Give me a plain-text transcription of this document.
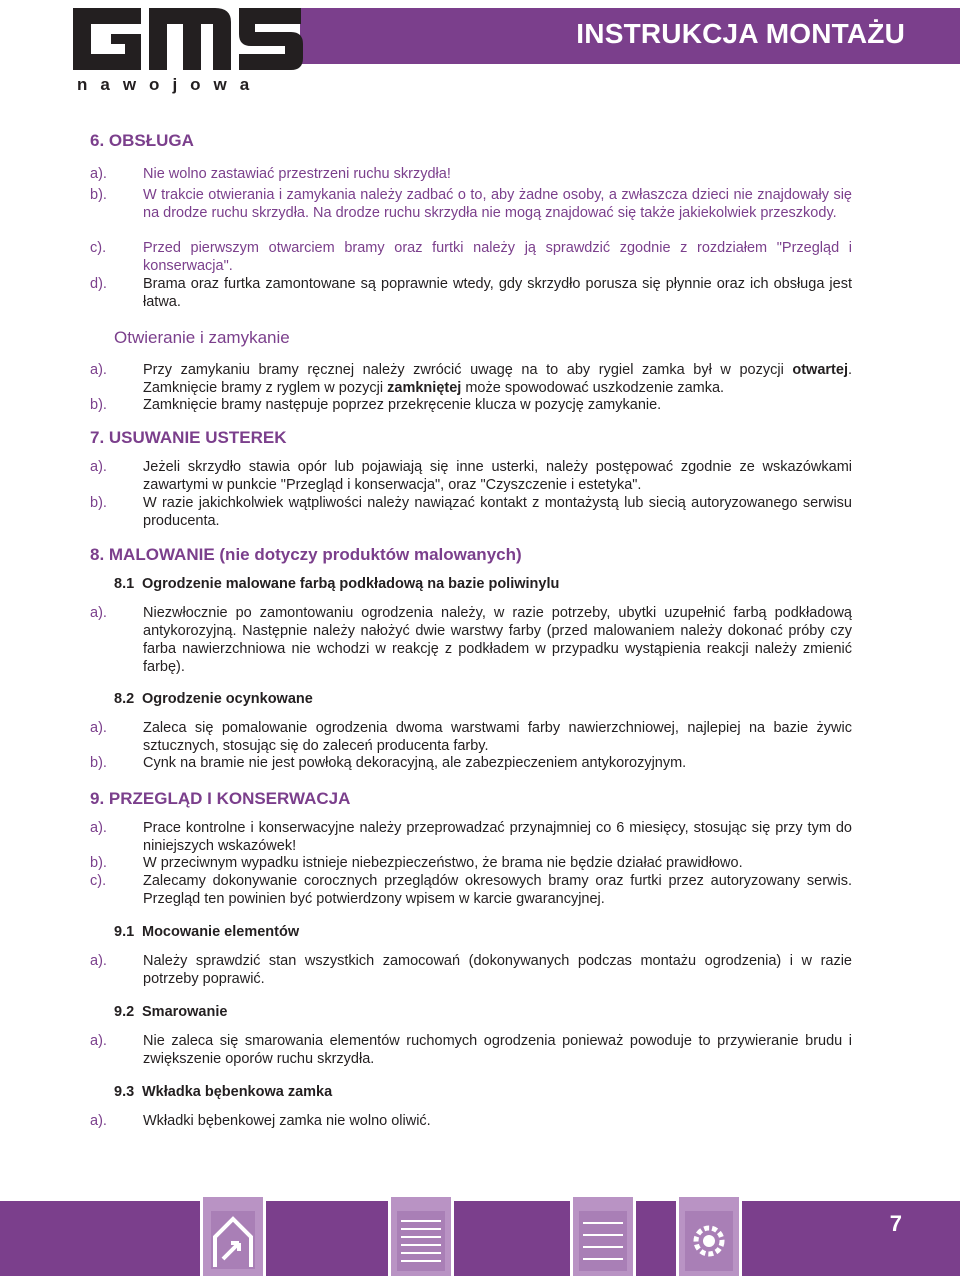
nawojowa
INSTRUKCJA MONTAŻU
6. OBSŁUGA
a). Nie wolno zastawiać przestrzeni ruchu skrzydła!
b). W trakcie otwierania i zamykania należy zadbać o to, aby żadne osoby, a zwłaszcza dzieci nie znajdowały się na drodze ruchu skrzydła. Na drodze ruchu skrzydła nie mogą znajdować się także jakiekolwiek przeszkody.
c).	Przed pierwszym otwarciem bramy oraz furtki należy ją sprawdzić zgodnie z rozdziałem "Przegląd i konserwacja".
d). Brama oraz furtka zamontowane są poprawnie wtedy, gdy skrzydło porusza się płynnie oraz ich obsługa jest łatwa.
Otwieranie i zamykanie
a). Przy zamykaniu bramy ręcznej należy zwrócić uwagę na to aby rygiel zamka był w pozycji otwartej. Zamknięcie bramy z ryglem w pozycji zamkniętej może spowodować uszkodzenie zamka.
b). Zamknięcie bramy następuje poprzez przekręcenie klucza w pozycję zamykanie.
7. USUWANIE USTEREK
a). Jeżeli skrzydło stawia opór lub pojawiają się inne usterki, należy postępować zgodnie ze wskazówkami zawartymi w punkcie "Przegląd i konserwacja", oraz "Czyszczenie i estetyka".
b). W razie jakichkolwiek wątpliwości należy nawiązać kontakt z montażystą lub siecią autoryzowanego serwisu producenta.
8. MALOWANIE (nie dotyczy produktów malowanych)
8.1 Ogrodzenie malowane farbą podkładową na bazie poliwinylu
a). Niezwłocznie po zamontowaniu ogrodzenia należy, w razie potrzeby, ubytki uzupełnić farbą podkładową antykorozyjną. Następnie należy nałożyć dwie warstwy farby (przed malowaniem należy dokonać próby czy farba nawierzchniowa nie wchodzi w reakcję z podkładem w przypadku wystąpienia reakcji należy zmienić farbę).
8.2 Ogrodzenie ocynkowane
a). Zaleca się pomalowanie ogrodzenia dwoma warstwami farby nawierzchniowej, najlepiej na bazie żywic sztucznych, stosując się do zaleceń producenta farby.
b). Cynk na bramie nie jest powłoką dekoracyjną, ale zabezpieczeniem antykorozyjnym.
9. PRZEGLĄD I KONSERWACJA
a). Prace kontrolne i konserwacyjne należy przeprowadzać przynajmniej co 6 miesięcy, stosując się przy tym do niniejszych wskazówek!
b). W przeciwnym wypadku istnieje niebezpieczeństwo, że brama nie będzie działać prawidłowo.
c).	Zalecamy dokonywanie corocznych przeglądów okresowych bramy oraz furtki przez autoryzowany serwis. Przegląd ten powinien być potwierdzony wpisem w karcie gwarancyjnej.
9.1 Mocowanie elementów
a). Należy sprawdzić stan wszystkich zamocowań (dokonywanych podczas montażu ogrodzenia) i w razie potrzeby poprawić.
9.2 Smarowanie
a). Nie zaleca się smarowania elementów ruchomych ogrodzenia ponieważ powoduje to przywieranie brudu i zwiększenie oporów ruchu skrzydła.
9.3 Wkładka bębenkowa zamka
a). Wkładki bębenkowej zamka nie wolno oliwić.
7
